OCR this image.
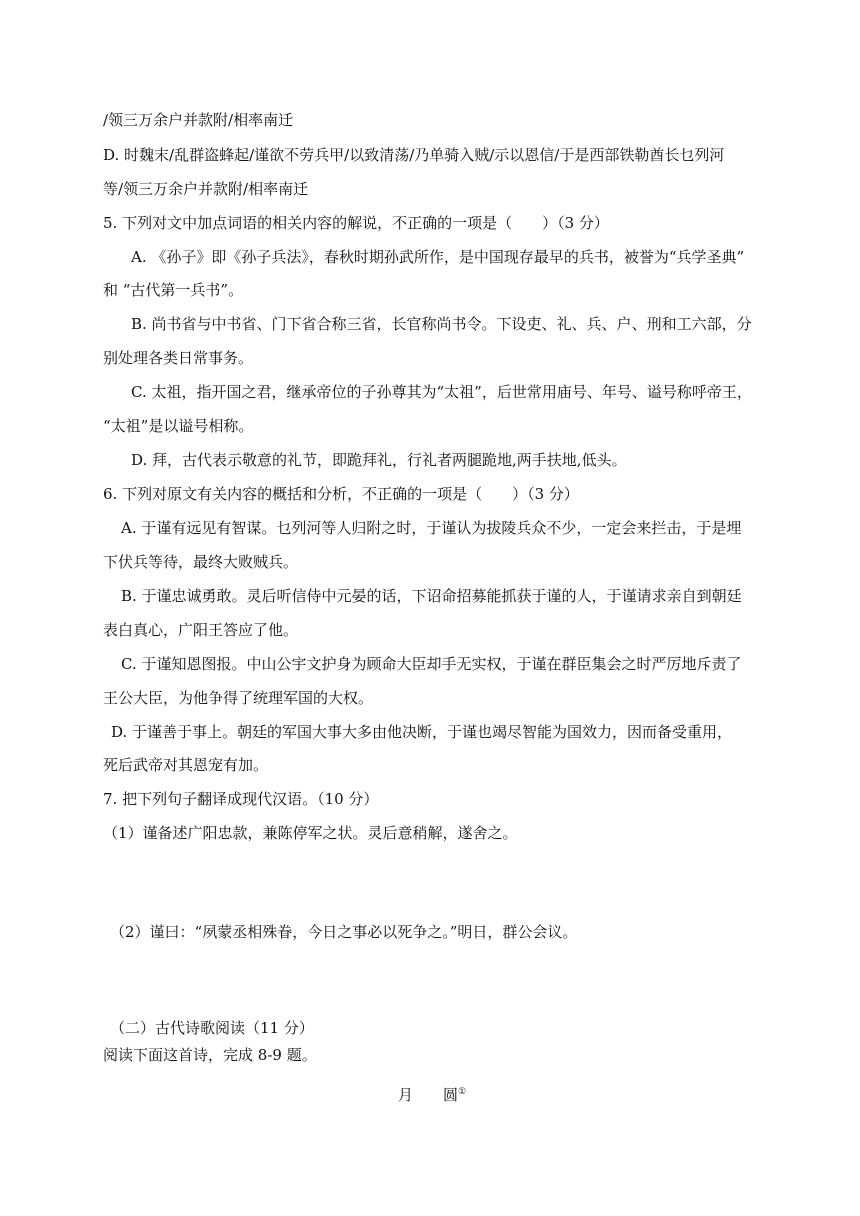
/领三万余户并款附/相率南迁
D. 时魏末/乱群盗蜂起/谨欲不劳兵甲/以致清荡/乃单骑入贼/示以恩信/于是西部铁勒酋长乜列河
等/领三万余户并款附/相率南迁
5. 下列对文中加点词语的相关内容的解说，不正确的一项是（　　）（3 分）
A. 《孙子》即《孙子兵法》，春秋时期孙武所作，是中国现存最早的兵书，被誉为“兵学圣典”
和 “古代第一兵书”。
B. 尚书省与中书省、门下省合称三省，长官称尚书令。下设吏、礼、兵、户、刑和工六部，分
别处理各类日常事务。
C. 太祖，指开国之君，继承帝位的子孙尊其为“太祖”，后世常用庙号、年号、谥号称呼帝王，
“太祖”是以谥号相称。
D. 拜，古代表示敬意的礼节，即跪拜礼，行礼者两腿跪地,两手扶地,低头。
6. 下列对原文有关内容的概括和分析，不正确的一项是（　　）（3 分）
A. 于谨有远见有智谋。乜列河等人归附之时，于谨认为拔陵兵众不少，一定会来拦击，于是埋
下伏兵等待，最终大败贼兵。
B. 于谨忠诚勇敢。灵后听信侍中元晏的话，下诏命招募能抓获于谨的人，于谨请求亲自到朝廷
表白真心，广阳王答应了他。
C. 于谨知恩图报。中山公宇文护身为顾命大臣却手无实权，于谨在群臣集会之时严厉地斥责了
王公大臣，为他争得了统理军国的大权。
D. 于谨善于事上。朝廷的军国大事大多由他决断，于谨也竭尽智能为国效力，因而备受重用，
死后武帝对其恩宠有加。
7. 把下列句子翻译成现代汉语。（10 分）
（1）谨备述广阳忠款，兼陈停军之状。灵后意稍解，遂舍之。
（2）谨曰：“夙蒙丞相殊眷，今日之事必以死争之。”明日，群公会议。
（二）古代诗歌阅读（11 分）
阅读下面这首诗，完成 8-9 题。
月 圆①
